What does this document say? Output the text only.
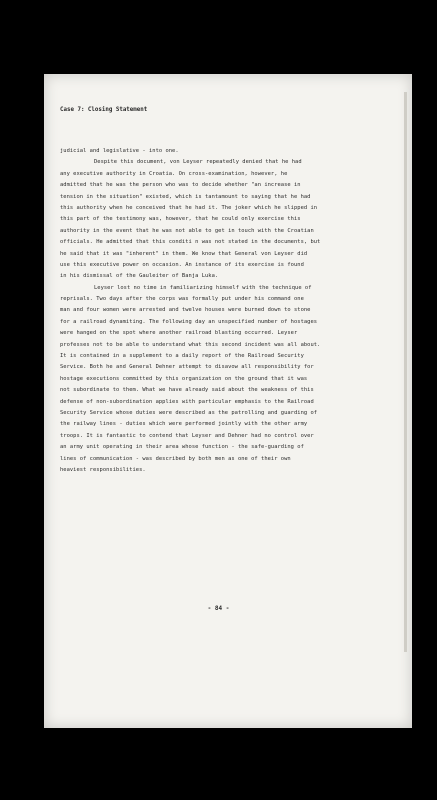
Case 7: Closing Statement
judicial and legislative - into one.
Despite this document, von Leyser repeatedly denied that he had
any executive authority in Croatia. On cross-examination, however, he
admitted that he was the person who was to decide whether "an increase in
tension in the situation" existed, which is tantamount to saying that he had
this authority when he conceived that he had it. The joker which he slipped in
this part of the testimony was, however, that he could only exercise this
authority in the event that he was not able to get in touch with the Croatian
officials. He admitted that this conditi n was not stated in the documents, but
he said that it was "inherent" in them. We know that General von Leyser did
use this executive power on occasion. An instance of its exercise is found
in his dismissal of the Gauleiter of Banja Luka.
Leyser lost no time in familiarizing himself with the technique of
reprisals. Two days after the corps was formally put under his command one
man and four women were arrested and twelve houses were burned down to stone
for a railroad dynamiting. The following day an unspecified number of hostages
were hanged on the spot where another railroad blasting occurred. Leyser
professes not to be able to understand what this second incident was all about.
It is contained in a supplement to a daily report of the Railroad Security
Service. Both he and General Dehner attempt to disavow all responsibility for
hostage executions committed by this organization on the ground that it was
not subordinate to them. What we have already said about the weakness of this
defense of non-subordination applies with particular emphasis to the Railroad
Security Service whose duties were described as the patrolling and guarding of
the railway lines - duties which were performed jointly with the other army
troops. It is fantastic to contend that Leyser and Dehner had no control over
an army unit operating in their area whose function - the safe-guarding of
lines of communication - was described by both men as one of their own
heaviest responsibilities.
- 84 -
